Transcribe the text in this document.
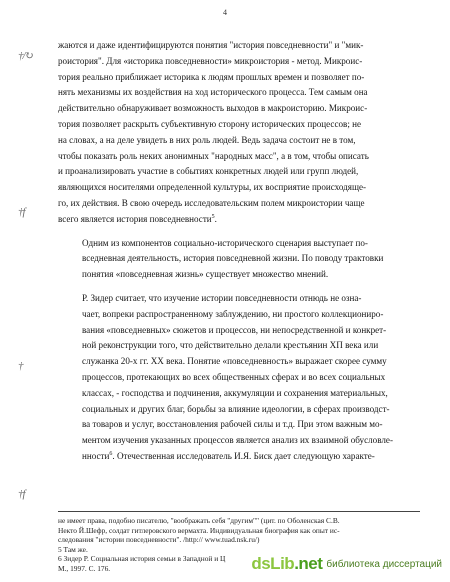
4
†/↻
†f
†
†f

жаются и даже идентифицируются понятия "история повседневности" и "мик-
роистория". Для «историка повседневности» микроистория - метод. Микроис-
тория реально приближает историка к людям прошлых времен и позволяет по-
нять механизмы их воздействия на ход исторического процесса. Тем самым она
действительно обнаруживает возможность выходов в макроисторию. Микроис-
тория позволяет раскрыть субъективную сторону исторических процессов; не
на словах, а на деле увидеть в них роль людей. Ведь задача состоит не в том,
чтобы показать роль неких анонимных "народных масс", а в том, чтобы описать
и проанализировать участие в событиях конкретных людей или групп людей,
являющихся носителями определенной культуры, их восприятие происходяще-
го, их действия. В свою очередь исследовательским полем микроистории чаще
всего является история повседневности$^5$.

Одним из компонентов социально-исторического сценария выступает по-
вседневная деятельность, история повседневной жизни. По поводу трактовки
понятия «повседневная жизнь» существует множество мнений.

Р. Зидер считает, что изучение истории повседневности отнюдь не озна-
чает, вопреки распространенному заблуждению, ни простого коллекциониро-
вания «повседневных» сюжетов и процессов, ни непосредственной и конкрет-
ной реконструкции того, что действительно делали крестьянин ХП века или
служанка 20-х гг. ХХ века. Понятие «повседневность» выражает скорее сумму
процессов, протекающих во всех общественных сферах и во всех социальных
классах, - господства и подчинения, аккумуляции и сохранения материальных,
социальных и других благ, борьбы за влияние идеологии, в сферах производст-
ва товаров и услуг, восстановления рабочей силы и т.д. При этом важным мо-
ментом изучения указанных процессов является анализ их взаимной обусловле-
нности$^6$. Отечественная исследователь И.Я. Биск дает следующую характе-

не имеет права, подобно писателю, "воображать себя "другим"" (цит. по Оболенская С.В.
Некто Й.Шефр, солдат гитлеровского вермахта. Индивидуальная биография как опыт ис-
следования "истории повседневности". /http:// www.tuad.nsk.ru/)
5 Там же.
6 Зидер Р. Социальная история семьи в Западной и Ц
М., 1997. С. 176.	dsLib.net библиотека диссертаций
